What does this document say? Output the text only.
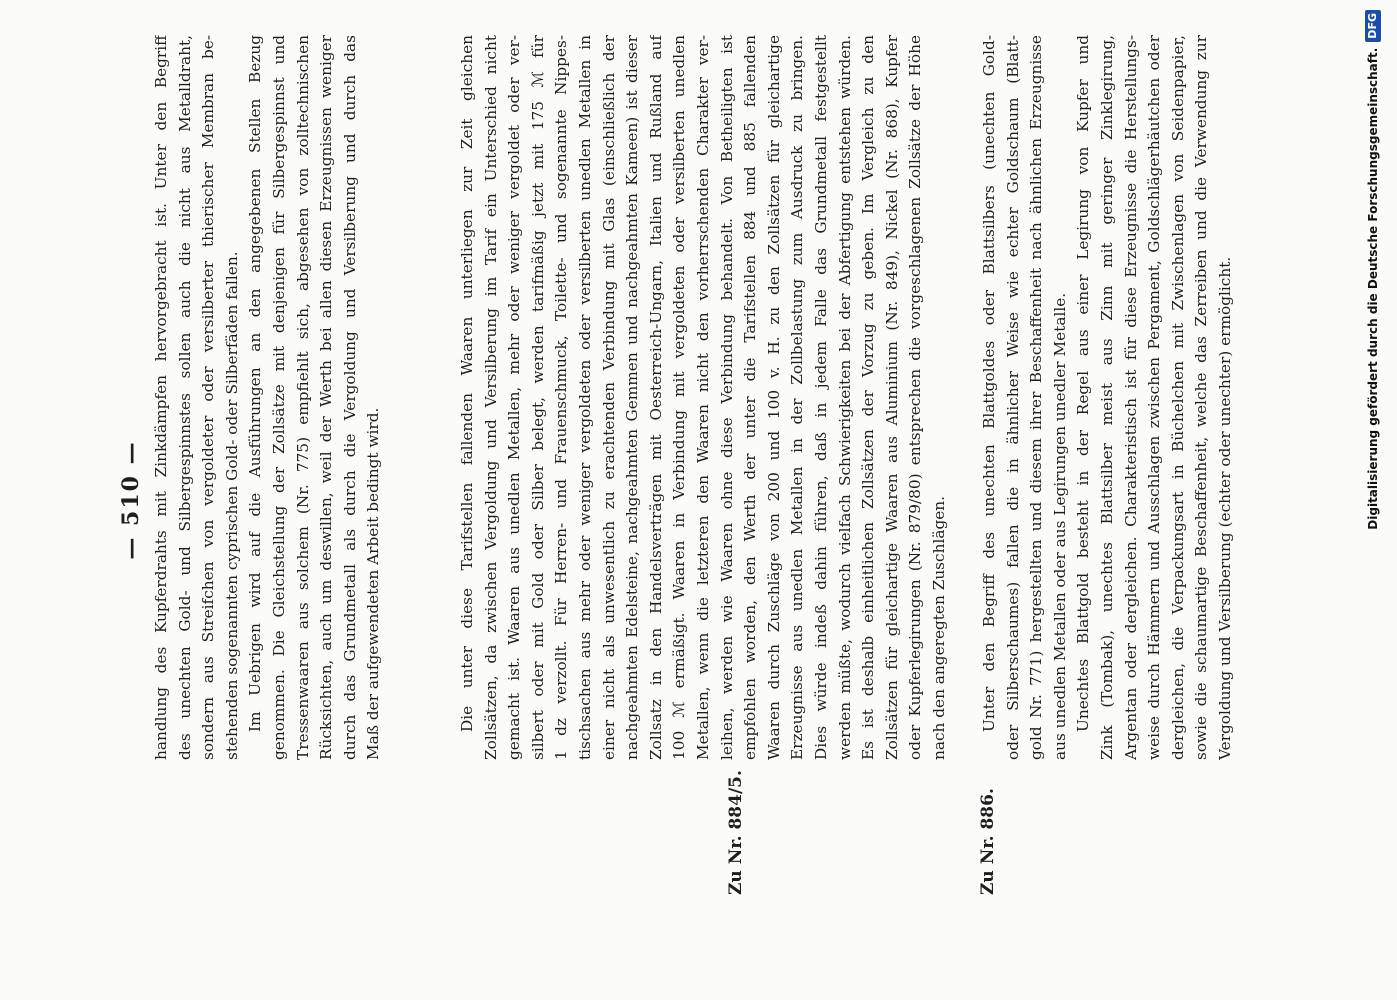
— 510 — handlung des Kupferdrahts mit Zinkdämpfen hervorgebracht ist. Unter den Begriff des unechten Gold- und Silbergespinnstes sollen auch die nicht aus Metalldraht, sondern aus Streifchen von vergoldeter oder versilberter thierischer Membran be- stehenden sogenannten cyprischen Gold- oder Silberfäden fallen. Im Uebrigen wird auf die Ausführungen an den angegebenen Stellen Bezug genommen. Die Gleichstellung der Zollsätze mit denjenigen für Silbergespinnst und Tressenwaaren aus solchem (Nr. 775) empfiehlt sich, abgesehen von zolltechnischen Rücksichten, auch um deswillen, weil der Werth bei allen diesen Erzeugnissen weniger durch das Grundmetall als durch die Vergoldung und Versilberung und durch das Maß der aufgewendeten Arbeit bedingt wird.
Zu Nr. 884/5.
Die unter diese Tarifstellen fallenden Waaren unterliegen zur Zeit gleichen Zollsätzen, da zwischen Vergoldung und Versilberung im Tarif ein Unterschied nicht gemacht ist. Waaren aus unedlen Metallen, mehr oder weniger vergoldet oder ver- silbert oder mit Gold oder Silber belegt, werden tarifmäßig jetzt mit 175 ℳ für 1 dz verzollt. Für Herren- und Frauenschmuck, Toilette- und sogenannte Nippes- tischsachen aus mehr oder weniger vergoldeten oder versilberten unedlen Metallen in einer nicht als unwesentlich zu erachtenden Verbindung mit Glas (einschließlich der nachgeahmten Edelsteine, nachgeahmten Gemmen und nachgeahmten Kameen) ist dieser Zollsatz in den Handelsverträgen mit Oesterreich-Ungarn, Italien und Rußland auf 100 ℳ ermäßigt. Waaren in Verbindung mit vergoldeten oder versilberten unedlen Metallen, wenn die letzteren den Waaren nicht den vorherrschenden Charakter ver- leihen, werden wie Waaren ohne diese Verbindung behandelt. Von Betheiligten ist empfohlen worden, den Werth der unter die Tarifstellen 884 und 885 fallenden Waaren durch Zuschläge von 200 und 100 v. H. zu den Zollsätzen für gleichartige Erzeugnisse aus unedlen Metallen in der Zollbelastung zum Ausdruck zu bringen. Dies würde indeß dahin führen, daß in jedem Falle das Grundmetall festgestellt werden müßte, wodurch vielfach Schwierigkeiten bei der Abfertigung entstehen würden. Es ist deshalb einheitlichen Zollsätzen der Vorzug zu geben. Im Vergleich zu den Zollsätzen für gleichartige Waaren aus Aluminium (Nr. 849), Nickel (Nr. 868), Kupfer oder Kupferlegirungen (Nr. 879/80) entsprechen die vorgeschlagenen Zollsätze der Höhe nach den angeregten Zuschlägen.
Zu Nr. 886.
Unter den Begriff des unechten Blattgoldes oder Blattsilbers (unechten Gold- oder Silberschaumes) fallen die in ähnlicher Weise wie echter Goldschaum (Blatt- gold Nr. 771) hergestellten und diesem ihrer Beschaffenheit nach ähnlichen Erzeugnisse aus unedlen Metallen oder aus Legirungen unedler Metalle. Unechtes Blattgold besteht in der Regel aus einer Legirung von Kupfer und Zink (Tombak), unechtes Blattsilber meist aus Zinn mit geringer Zinklegirung, Argentan oder dergleichen. Charakteristisch ist für diese Erzeugnisse die Herstellungs- weise durch Hämmern und Ausschlagen zwischen Pergament, Goldschlägerhäutchen oder dergleichen, die Verpackungsart in Büchelchen mit Zwischenlagen von Seidenpapier, sowie die schaumartige Beschaffenheit, welche das Zerreiben und die Verwendung zur Vergoldung und Versilberung (echter oder unechter) ermöglicht.	Digitalisierung gefördert durch die Deutsche Forschungsgemeinschaft.
DFG
